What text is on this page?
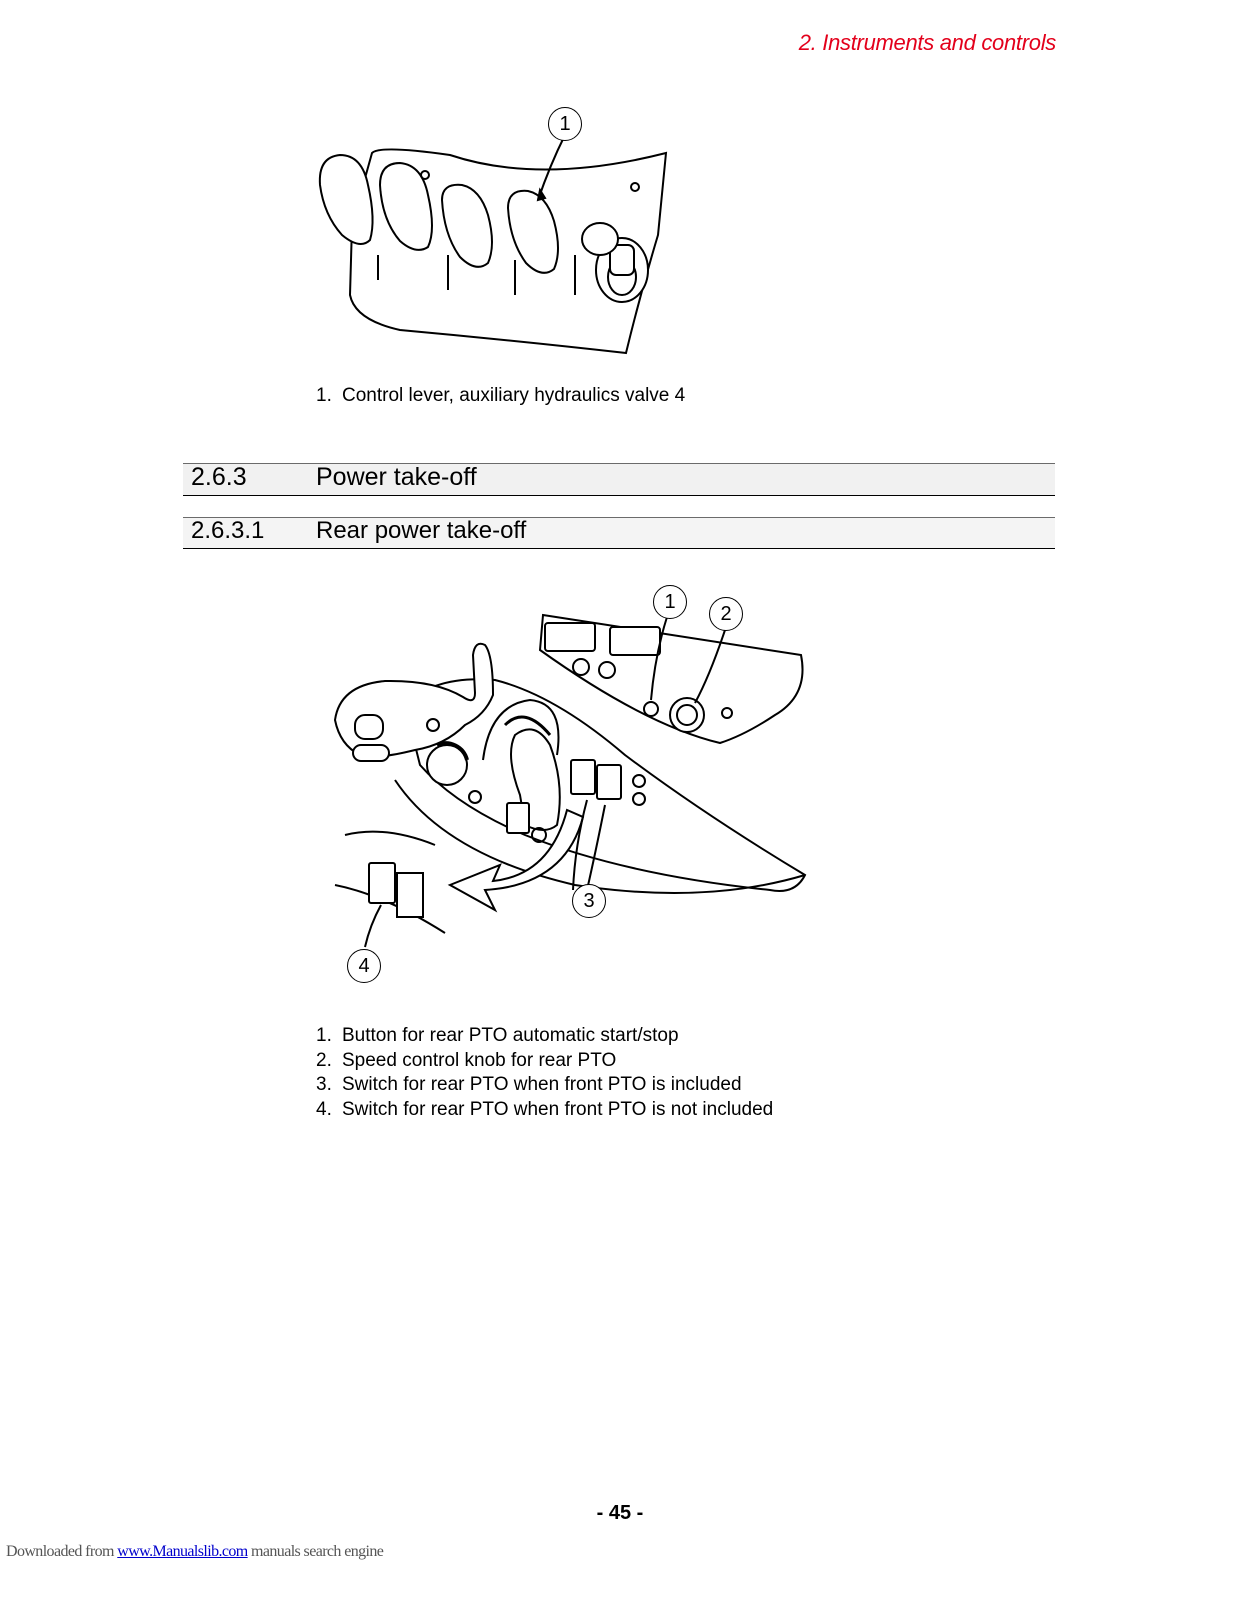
2. Instruments and controls
1
1. Control lever, auxiliary hydraulics valve 4
2.6.3	Power take-off
2.6.3.1	Rear power take-off
1
2
3
4
1. Button for rear PTO automatic start/stop
2. Speed control knob for rear PTO
3. Switch for rear PTO when front PTO is included
4. Switch for rear PTO when front PTO is not included
- 45 -
Downloaded from www.Manualslib.com manuals search engine
